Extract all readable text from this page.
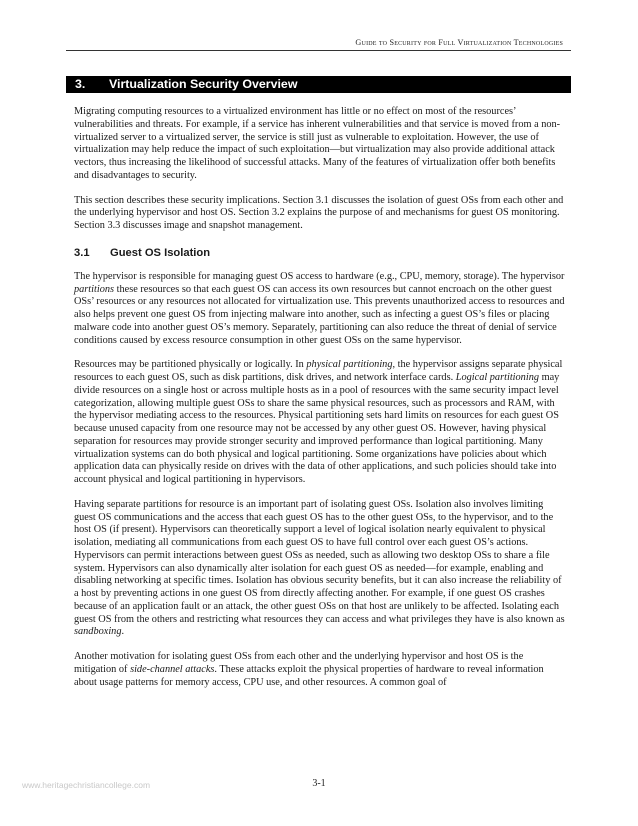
Guide to Security for Full Virtualization Technologies
3. Virtualization Security Overview

Migrating computing resources to a virtualized environment has little or no effect on most of the resources’ vulnerabilities and threats. For example, if a service has inherent vulnerabilities and that service is moved from a non-virtualized server to a virtualized server, the service is still just as vulnerable to exploitation. However, the use of virtualization may help reduce the impact of such exploitation—but virtualization may also provide additional attack vectors, thus increasing the likelihood of successful attacks. Many of the features of virtualization offer both benefits and disadvantages to security.

This section describes these security implications. Section 3.1 discusses the isolation of guest OSs from each other and the underlying hypervisor and host OS. Section 3.2 explains the purpose of and mechanisms for guest OS monitoring. Section 3.3 discusses image and snapshot management.

3.1 Guest OS Isolation

The hypervisor is responsible for managing guest OS access to hardware (e.g., CPU, memory, storage). The hypervisor partitions these resources so that each guest OS can access its own resources but cannot encroach on the other guest OSs’ resources or any resources not allocated for virtualization use. This prevents unauthorized access to resources and also helps prevent one guest OS from injecting malware into another, such as infecting a guest OS’s files or placing malware code into another guest OS’s memory. Separately, partitioning can also reduce the threat of denial of service conditions caused by excess resource consumption in other guest OSs on the same hypervisor.

Resources may be partitioned physically or logically. In physical partitioning, the hypervisor assigns separate physical resources to each guest OS, such as disk partitions, disk drives, and network interface cards. Logical partitioning may divide resources on a single host or across multiple hosts as in a pool of resources with the same security impact level categorization, allowing multiple guest OSs to share the same physical resources, such as processors and RAM, with the hypervisor mediating access to the resources. Physical partitioning sets hard limits on resources for each guest OS because unused capacity from one resource may not be accessed by any other guest OS. However, having physical separation for resources may provide stronger security and improved performance than logical partitioning. Many virtualization systems can do both physical and logical partitioning. Some organizations have policies about which application data can physically reside on drives with the data of other applications, and such policies should take into account physical and logical partitioning in hypervisors.

Having separate partitions for resource is an important part of isolating guest OSs. Isolation also involves limiting guest OS communications and the access that each guest OS has to the other guest OSs, to the hypervisor, and to the host OS (if present). Hypervisors can theoretically support a level of logical isolation nearly equivalent to physical isolation, mediating all communications from each guest OS to have full control over each guest OS’s actions. Hypervisors can permit interactions between guest OSs as needed, such as allowing two desktop OSs to share a file system. Hypervisors can also dynamically alter isolation for each guest OS as needed—for example, enabling and disabling networking at specific times. Isolation has obvious security benefits, but it can also increase the reliability of a host by preventing actions in one guest OS from directly affecting another. For example, if one guest OS crashes because of an application fault or an attack, the other guest OSs on that host are unlikely to be affected. Isolating each guest OS from the others and restricting what resources they can access and what privileges they have is also known as sandboxing.

Another motivation for isolating guest OSs from each other and the underlying hypervisor and host OS is the mitigation of side-channel attacks. These attacks exploit the physical properties of hardware to reveal information about usage patterns for memory access, CPU use, and other resources. A common goal of

www.heritagechristiancollege.com	3-1
